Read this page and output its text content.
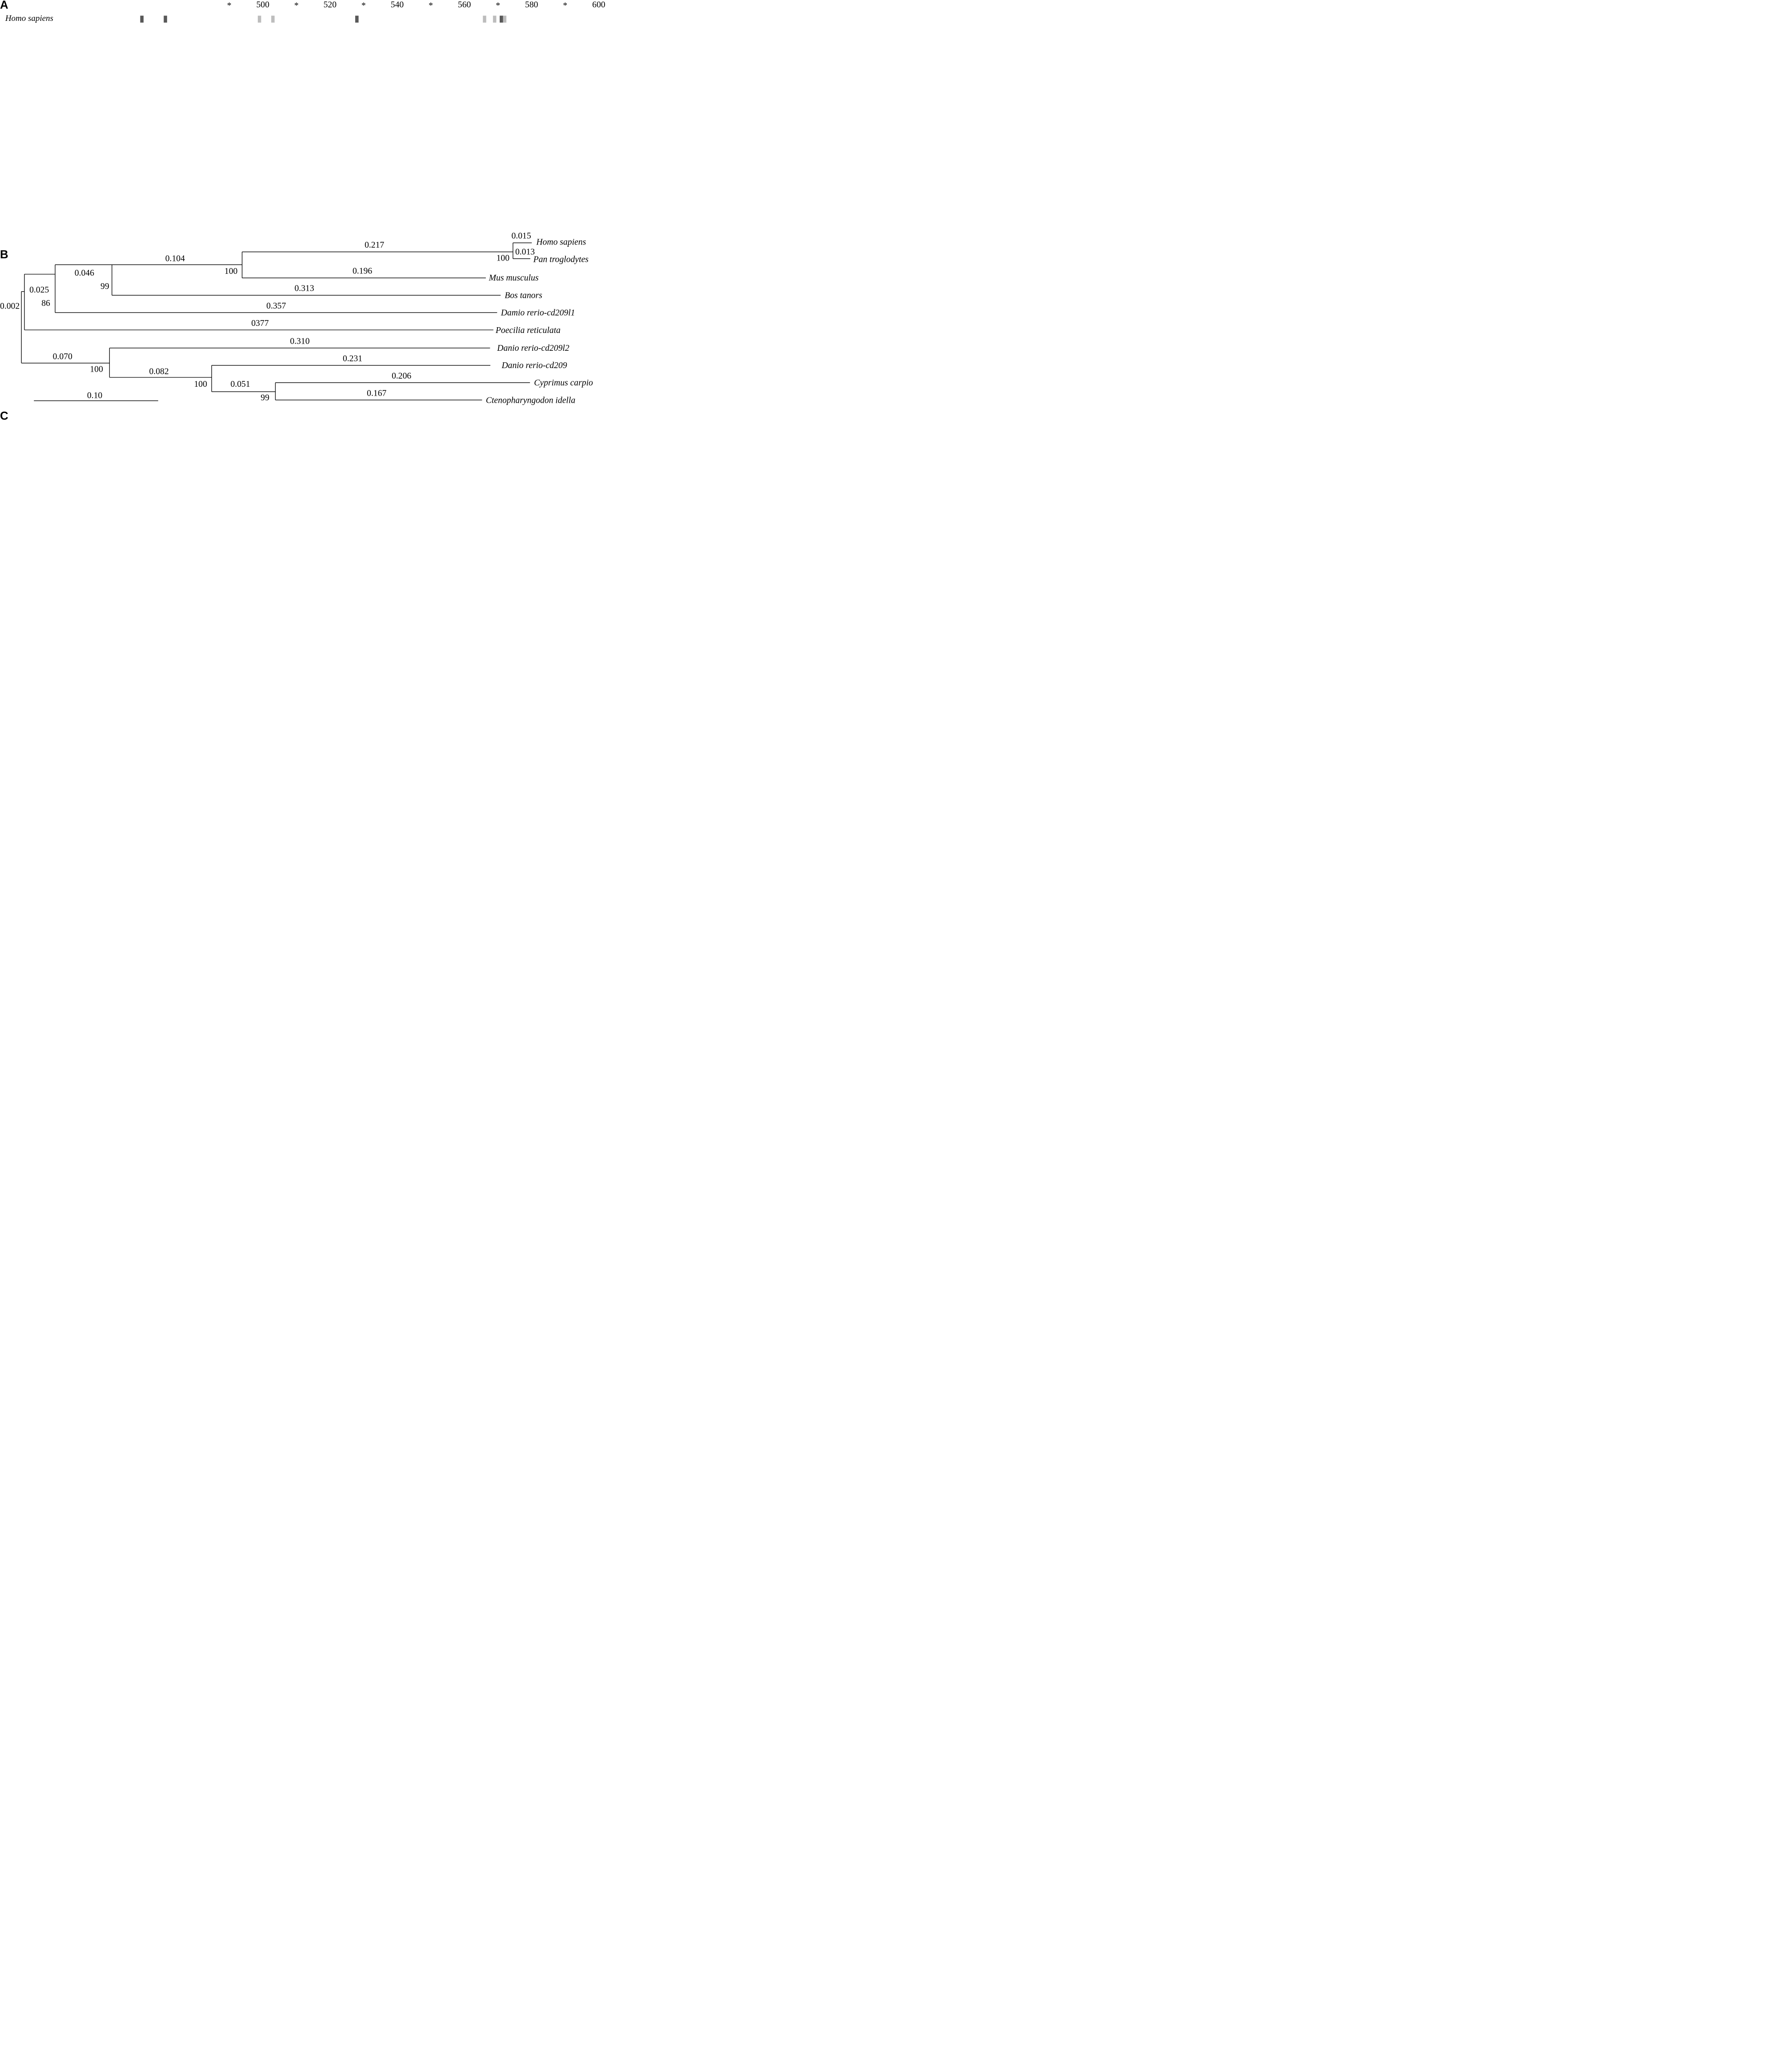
A
B
C
* 500 * 520 * 540 * 560 * 580 * 600
Homo sapiens
0.002
0.025
0.046
0.104
0.217
0.015
0.013
0.196
0.313
0.357
0377
0.070
0.310
0.082
0.231
0.051
0.206
0.167
100
100
99
86
100
100
99
Homo sapiens
Pan troglodytes
Mus musculus
Bos tanors
Damio rerio-cd209l1
Poecilia reticulata
Danio rerio-cd209l2
Danio rerio-cd209
Cyprimus carpio
Ctenopharyngodon idella
0.10
